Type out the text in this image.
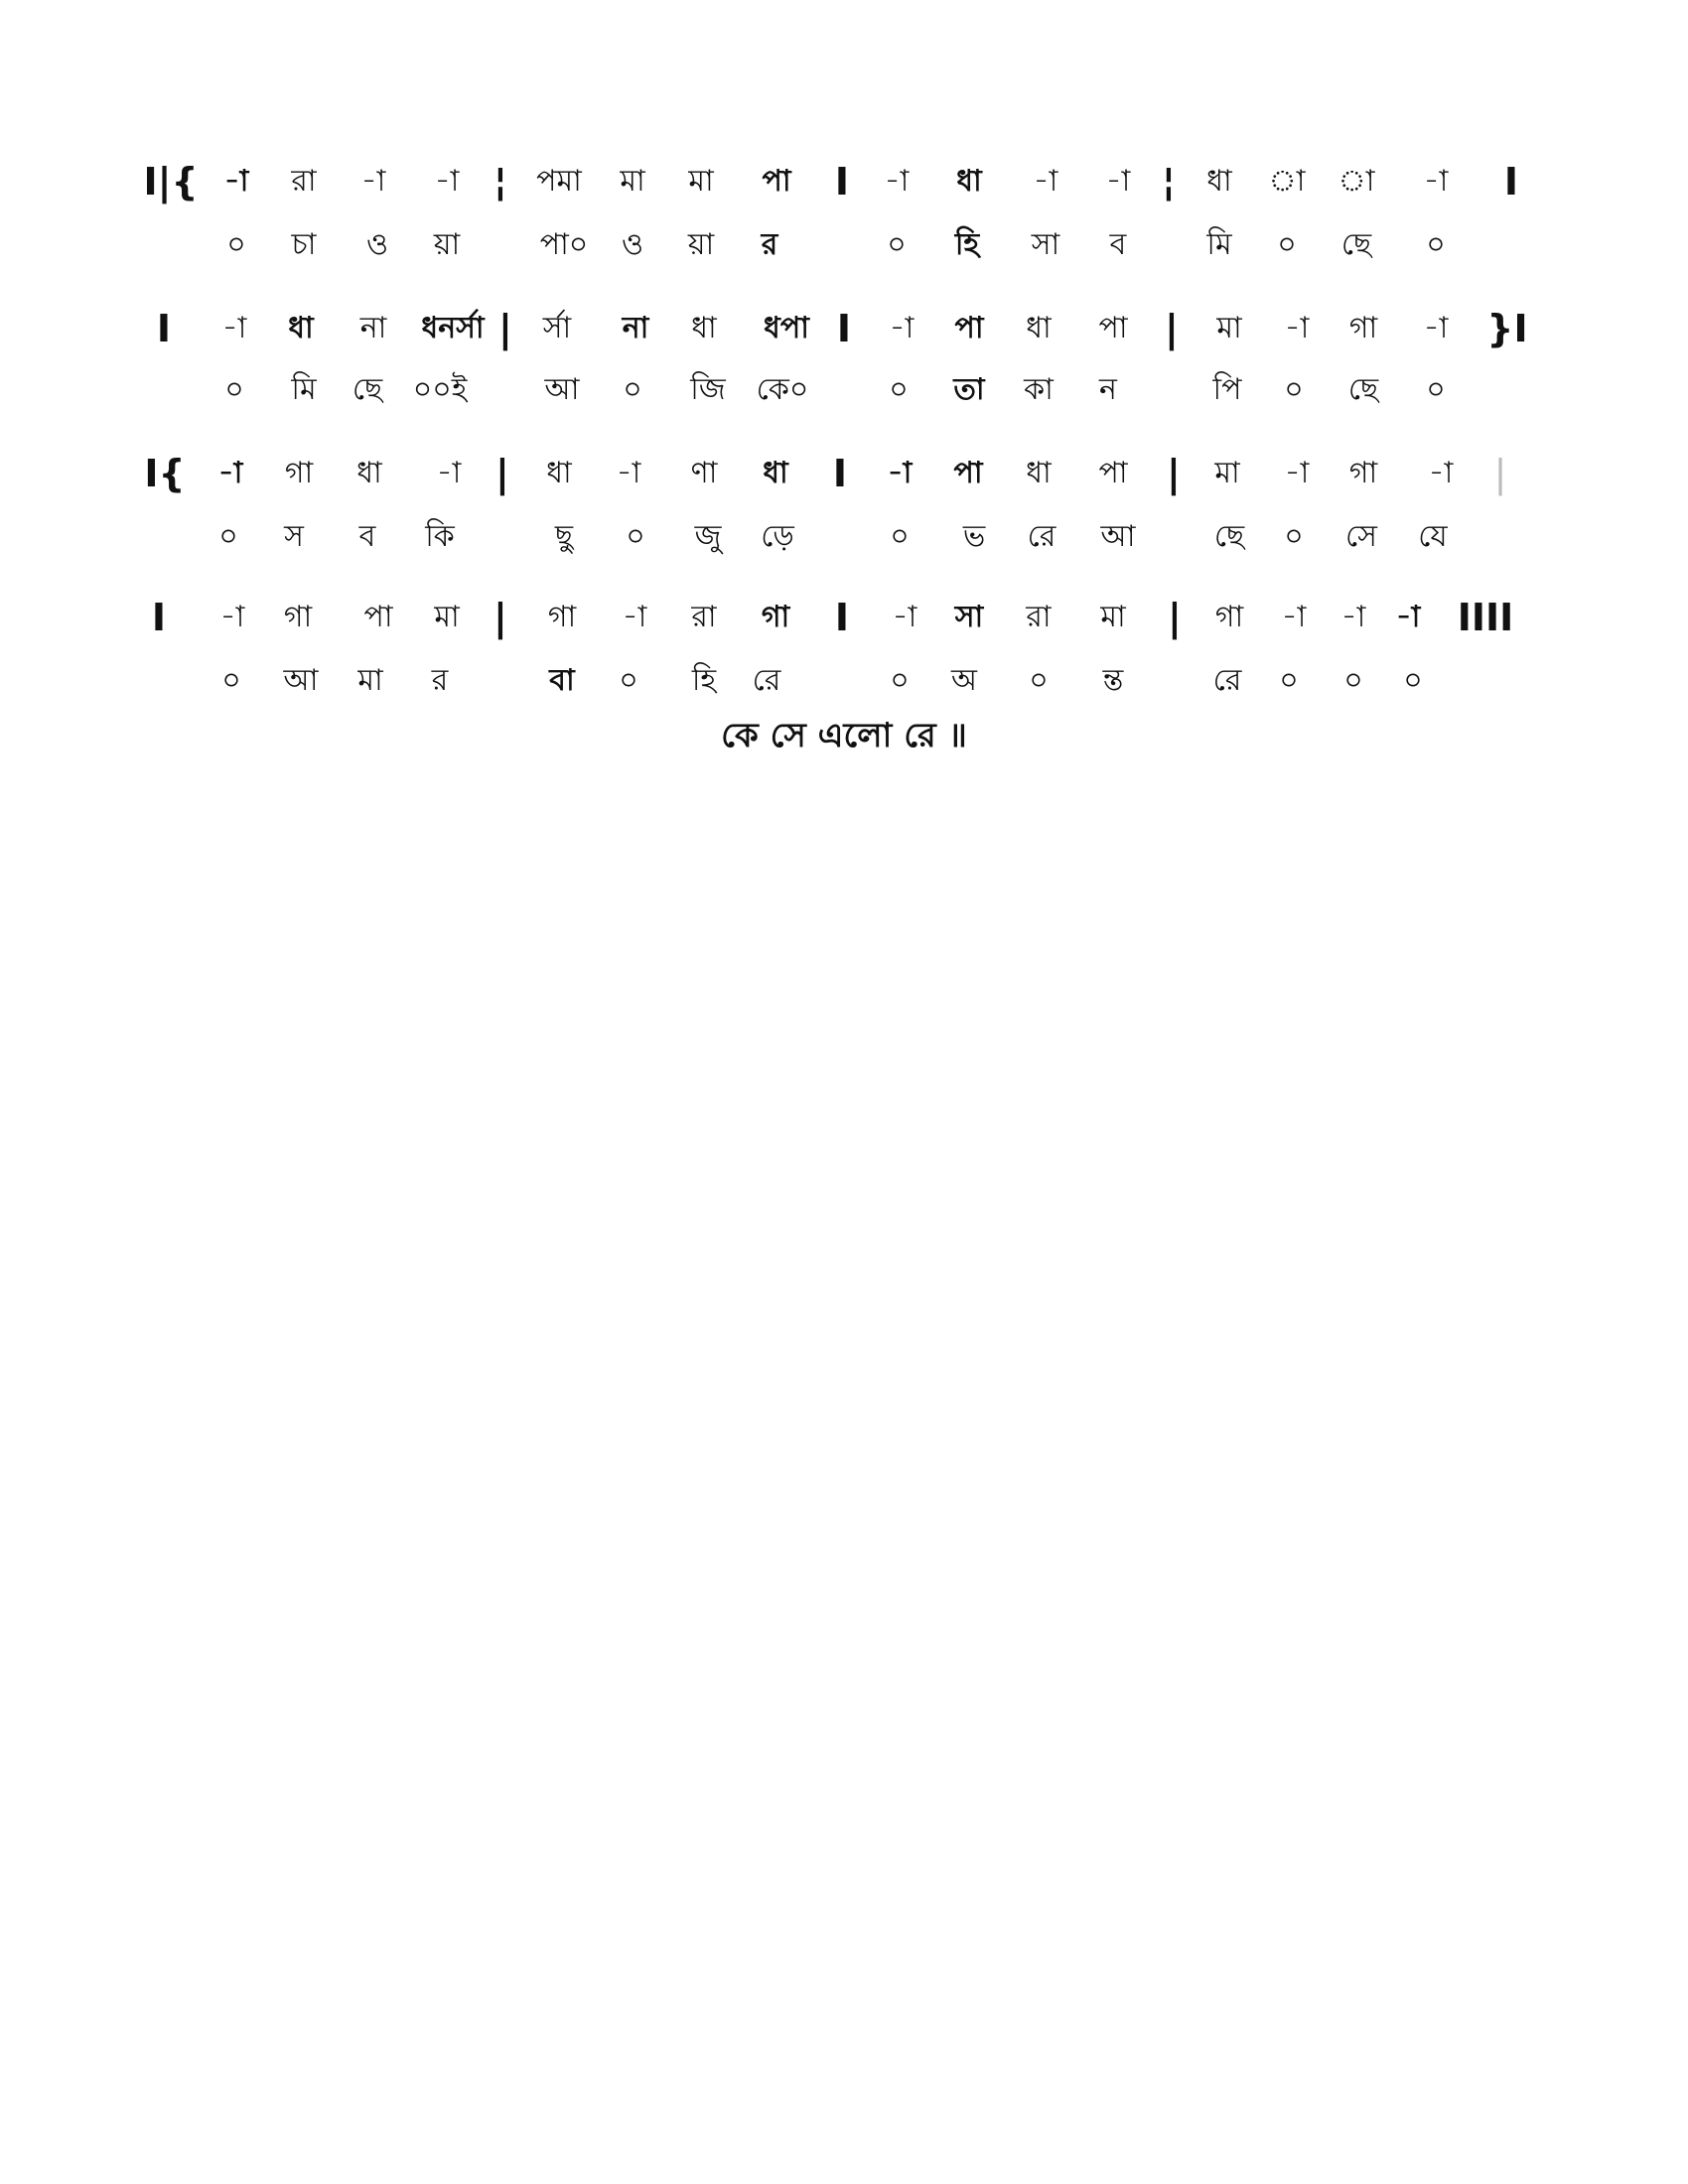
I|{ -া রা -া -া ¦ পমা মা মা পা I -া ধা -া -া ¦ ধা া া -া I
০ চা ও য়া	পা০ ও য়া র	০ হি সা ব	মি ০ ছে ০
I -া ধা না ধনর্সা | র্সা না ধা ধপা I -া পা ধা পা | মা -া গা -া }I
০ মি ছে ০০ই	আ ০ জি কে০	০ তা কা ন	পি ০ ছে ০
I{ -া গা ধা -া | ধা -া ণা ধা I -া পা ধা পা | মা -া গা -া |
০ স ব কি	ছু ০ জু ড়ে	০ ভ রে আ	ছে ০ সে যে
I -া গা পা মা | গা -া রা গা I -া সা রা মা | গা -া -া -া IIII
০ আ মা র	বা ০ হি রে	০ অ ০ ন্ত	রে ০ ০ ০
কে সে এলো রে ॥
